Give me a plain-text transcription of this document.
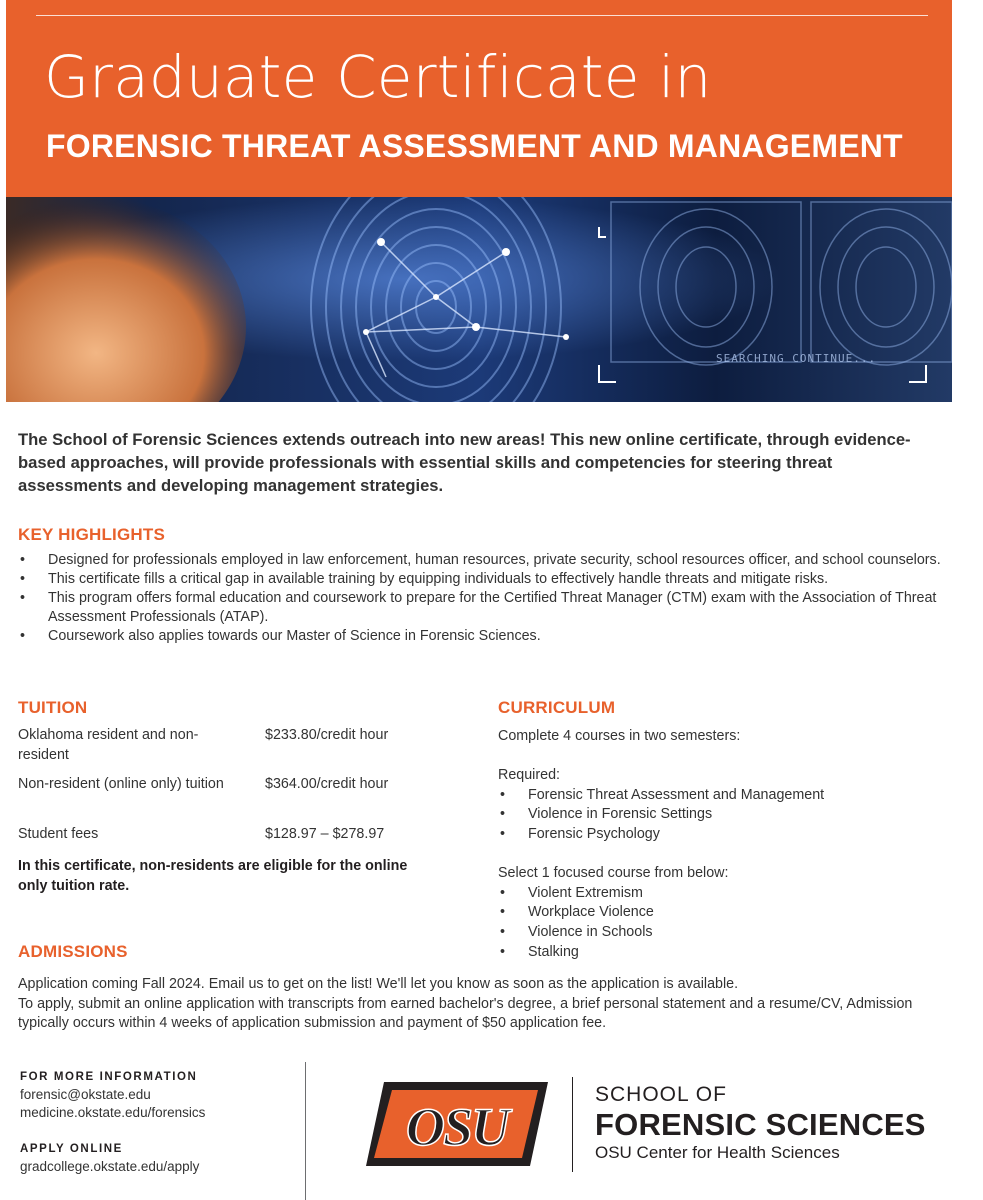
Graduate Certificate in
FORENSIC THREAT ASSESSMENT AND MANAGEMENT
SEARCHING CONTINUE...

The School of Forensic Sciences extends outreach into new areas! This new online certificate, through evidence-based approaches, will provide professionals with essential skills and competencies for steering threat assessments and developing management strategies.

KEY HIGHLIGHTS
• Designed for professionals employed in law enforcement, human resources, private security, school resources officer, and school counselors.
• This certificate fills a critical gap in available training by equipping individuals to effectively handle threats and mitigate risks.
• This program offers formal education and coursework to prepare for the Certified Threat Manager (CTM) exam with the Association of Threat Assessment Professionals (ATAP).
• Coursework also applies towards our Master of Science in Forensic Sciences.
TUITION
Oklahoma resident and non-resident
$233.80/credit hour
Non-resident (online only) tuition	$364.00/credit hour
Student fees	$128.97 – $278.97

In this certificate, non-residents are eligible for the online only tuition rate.

CURRICULUM

Complete 4 courses in two semesters:

Required:

• Forensic Threat Assessment and Management
• Violence in Forensic Settings
• Forensic Psychology

Select 1 focused course from below:

• Violent Extremism
• Workplace Violence
• Violence in Schools
• Stalking
ADMISSIONS

Application coming Fall 2024. Email us to get on the list! We'll let you know as soon as the application is available.

To apply, submit an online application with transcripts from earned bachelor's degree, a brief personal statement and a resume/CV, Admission typically occurs within 4 weeks of application submission and payment of $50 application fee.

FOR MORE INFORMATION
forensic@okstate.edu
medicine.okstate.edu/forensics
APPLY ONLINE
gradcollege.okstate.edu/apply
OSU
SCHOOL OF
FORENSIC SCIENCES
OSU Center for Health Sciences
